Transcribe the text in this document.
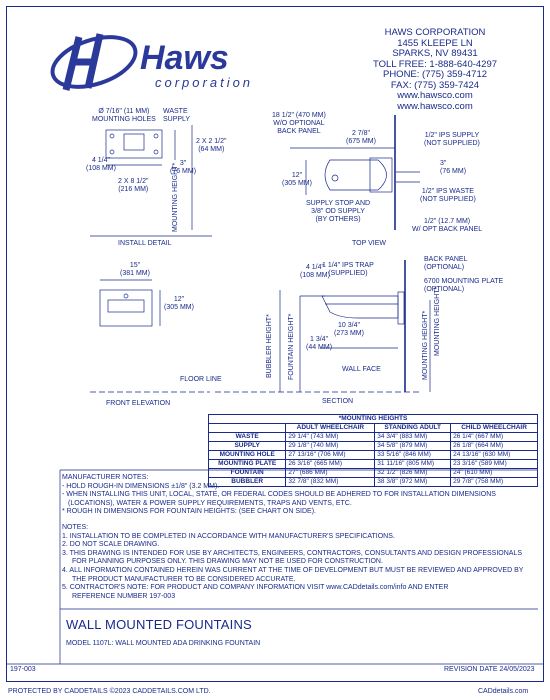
Haws
corporation
HAWS CORPORATION
1455 KLEEPE LN
SPARKS, NV 89431
TOLL FREE: 1-888-640-4297
PHONE: (775) 359-4712
FAX: (775) 359-7424
www.hawsco.com
www.hawsco.com
WASTE
SUPPLY
Ø 7/16" (11 MM)
MOUNTING HOLES
4 1/4"
(108 MM)
3"
(76 MM)
2 X 8 1/2"
(216 MM)
2 X 2 1/2"
(64 MM)
MOUNTING HEIGHT*
INSTALL DETAIL
18 1/2" (470 MM)
W/O OPTIONAL
BACK PANEL	2 7/8"
(675 MM)
12"
(305 MM)
1/2" IPS SUPPLY
(NOT SUPPLIED)
3"
(76 MM)
1/2" IPS WASTE
(NOT SUPPLIED)
SUPPLY STOP AND
3/8" OD SUPPLY
(BY OTHERS)	1/2" (12.7 MM)
W/ OPT BACK PANEL
TOP VIEW
15"
(381 MM)
12"
(305 MM)
FLOOR LINE
FRONT ELEVATION
1 1/4" IPS TRAP
(SUPPLIED)
4 1/4"
(108 MM)
BACK PANEL
(OPTIONAL)
6700 MOUNTING PLATE
(OPTIONAL)
10 3/4"
(273 MM)
1 3/4"
(44 MM)
BUBBLER HEIGHT* FOUNTAIN HEIGHT*	MOUNTING HEIGHT* MOUNTING HEIGHT*
WALL FACE
SECTION
*MOUNTING HEIGHTS			
	ADULT WHEELCHAIR	STANDING ADULT	CHILD WHEELCHAIR
WASTE	29 1/4" (743 MM)	34 3/4" (883 MM)	26 1/4" (667 MM)
SUPPLY	29 1/8" (740 MM)	34 5/8" (879 MM)	26 1/8" (664 MM)
MOUNTING HOLE	27 13/16" (706 MM)	33 5/16" (846 MM)	24 13/16" (630 MM)
MOUNTING PLATE	26 3/16" (665 MM)	31 11/16" (805 MM)	23 3/16" (589 MM)
FOUNTAIN	27" (686 MM)	32 1/2" (826 MM)	24" (610 MM)
BUBBLER	32 7/8" (832 MM)	38 3/8" (972 MM)	29 7/8" (758 MM)
MANUFACTURER NOTES:
- HOLD ROUGH-IN DIMENSIONS ±1/8" (3.2 MM).
- WHEN INSTALLING THIS UNIT, LOCAL, STATE, OR FEDERAL CODES SHOULD BE ADHERED TO FOR INSTALLATION DIMENSIONS
(LOCATIONS), WATER & POWER SUPPLY REQUIREMENTS, TRAPS AND VENTS, ETC.
* ROUGH IN DIMENSIONS FOR FOUNTAIN HEIGHTS: (SEE CHART ON SIDE).
NOTES:
1. INSTALLATION TO BE COMPLETED IN ACCORDANCE WITH MANUFACTURER'S SPECIFICATIONS.
2. DO NOT SCALE DRAWING.
3. THIS DRAWING IS INTENDED FOR USE BY ARCHITECTS, ENGINEERS, CONTRACTORS, CONSULTANTS AND DESIGN PROFESSIONALS
FOR PLANNING PURPOSES ONLY. THIS DRAWING MAY NOT BE USED FOR CONSTRUCTION.
4. ALL INFORMATION CONTAINED HEREIN WAS CURRENT AT THE TIME OF DEVELOPMENT BUT MUST BE REVIEWED AND APPROVED BY
THE PRODUCT MANUFACTURER TO BE CONSIDERED ACCURATE.
5. CONTRACTOR'S NOTE: FOR PRODUCT AND COMPANY INFORMATION VISIT www.CADdetails.com/info AND ENTER
REFERENCE NUMBER 197-003
WALL MOUNTED FOUNTAINS
MODEL 1107L: WALL MOUNTED ADA DRINKING FOUNTAIN
197-003	REVISION DATE 24/05/2023
PROTECTED BY CADDETAILS ©2023 CADDETAILS.COM LTD.	CADdetails.com
